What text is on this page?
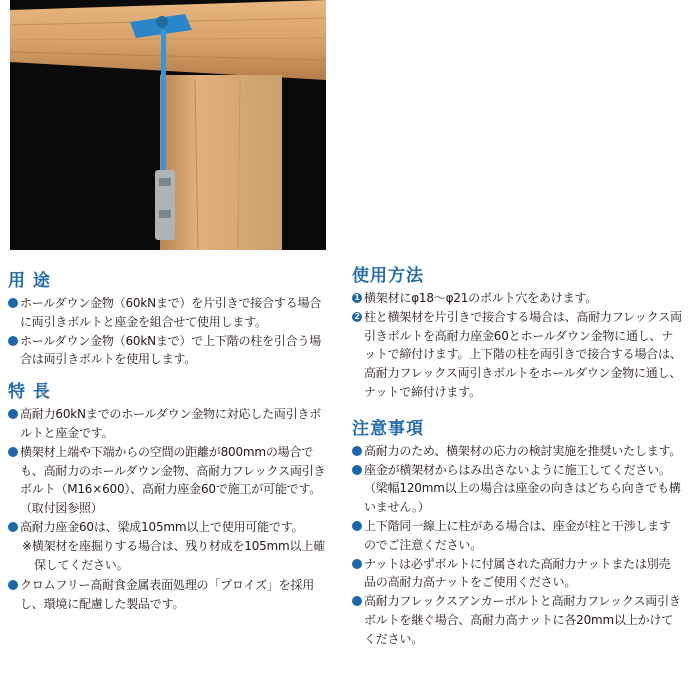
用 途
ホールダウン金物（60kNまで）を片引きで接合する場合に両引きボルトと座金を組合せて使用します。
ホールダウン金物（60kNまで）で上下階の柱を引合う場合は両引きボルトを使用します。
特 長
高耐力60kNまでのホールダウン金物に対応した両引きボルトと座金です。
横架材上端や下端からの空間の距離が800mmの場合でも、高耐力のホールダウン金物、高耐力フレックス両引きボルト（M16×600）、高耐力座金60で施工が可能です。（取付図参照）
高耐力座金60は、梁成105mm以上で使用可能です。
※横架材を座掘りする場合は、残り材成を105mm以上確保してください。
クロムフリー高耐食金属表面処理の「プロイズ」を採用し、環境に配慮した製品です。
使用方法
1 横架材にφ18～φ21のボルト穴をあけます。
2 柱と横架材を片引きで接合する場合は、高耐力フレックス両引きボルトを高耐力座金60とホールダウン金物に通し、ナットで締付けます。上下階の柱を両引きで接合する場合は、高耐力フレックス両引きボルトをホールダウン金物に通し、ナットで締付けます。
注意事項
高耐力のため、横架材の応力の検討実施を推奨いたします。
座金が横架材からはみ出さないように施工してください。（梁幅120mm以上の場合は座金の向きはどちら向きでも構いません。）
上下階同一線上に柱がある場合は、座金が柱と干渉しますのでご注意ください。
ナットは必ずボルトに付属された高耐力ナットまたは別売品の高耐力高ナットをご使用ください。
高耐力フレックスアンカーボルトと高耐力フレックス両引きボルトを継ぐ場合、高耐力高ナットに各20mm以上かけてください。
